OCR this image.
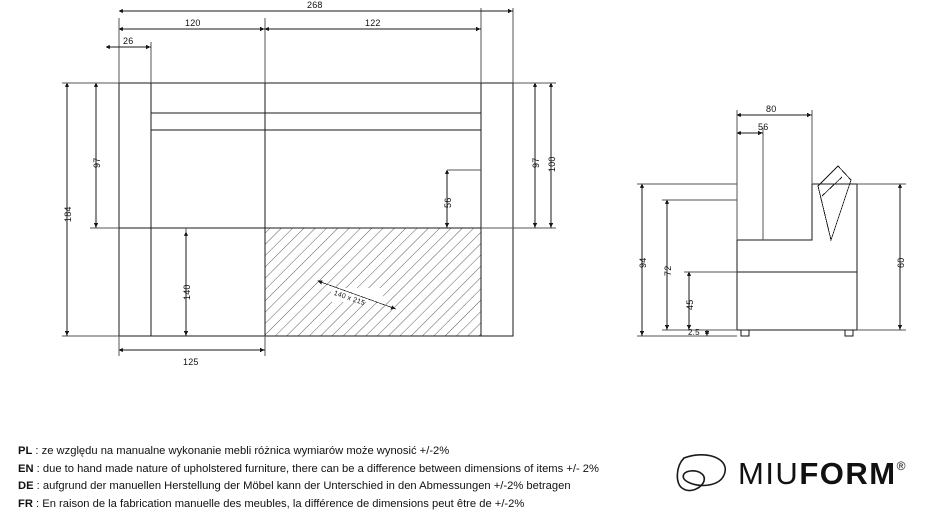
268
120	122
26
97
184
140
56
97 100
125
140 x 215
80
56
94
72
45
2.5
60
PL : ze względu na manualne wykonanie mebli różnica wymiarów może wynosić +/-2%
EN : due to hand made nature of upholstered furniture, there can be a difference between dimensions of items +/- 2%
DE : aufgrund der manuellen Herstellung der Möbel kann der Unterschied in den Abmessungen +/-2% betragen
FR : En raison de la fabrication manuelle des meubles, la différence de dimensions peut être de +/-2%
MIUFORM®
